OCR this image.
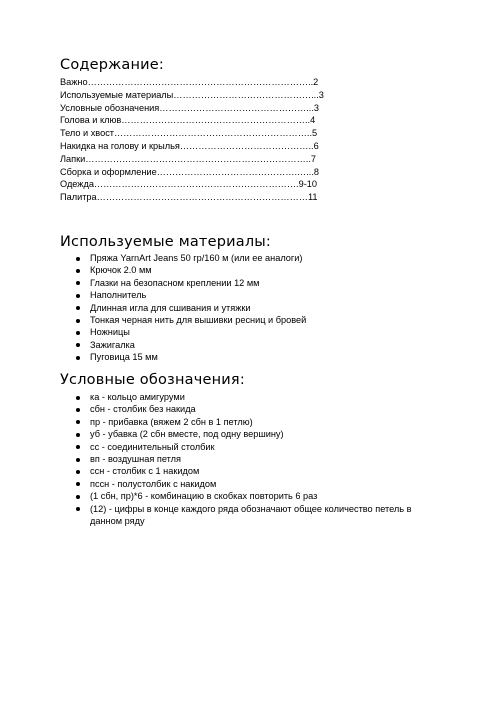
Содержание:
Важно………………………………………………………………..2
Используемые материалы………………………………………...3
Условные обозначения…………………………………………...3
Голова и клюв……………………………………………………..4
Тело и хвост………………………………………………………..5
Накидка на голову и крылья……………………………………..6
Лапки………………………………………………………………..7
Сборка и оформление……………………………………….…...8
Одежда………………………………………………………….9-10
Палитра……………………………………………………………11
Используемые материалы:
Пряжа YarnArt Jeans 50 гр/160 м (или ее аналоги)
Крючок 2.0 мм
Глазки на безопасном креплении 12 мм
Наполнитель
Длинная игла для сшивания и утяжки
Тонкая черная нить для вышивки ресниц и бровей
Ножницы
Зажигалка
Пуговица 15 мм
Условные обозначения:
ка - кольцо амигуруми
сбн - столбик без накида
пр - прибавка (вяжем 2 сбн в 1 петлю)
уб - убавка (2 сбн вместе, под одну вершину)
сс - соединительный столбик
вп - воздушная петля
ссн - столбик с 1 накидом
пссн - полустолбик с накидом
(1 сбн, пр)*6 - комбинацию в скобках повторить 6 раз
(12) - цифры в конце каждого ряда обозначают общее количество петель в данном ряду
